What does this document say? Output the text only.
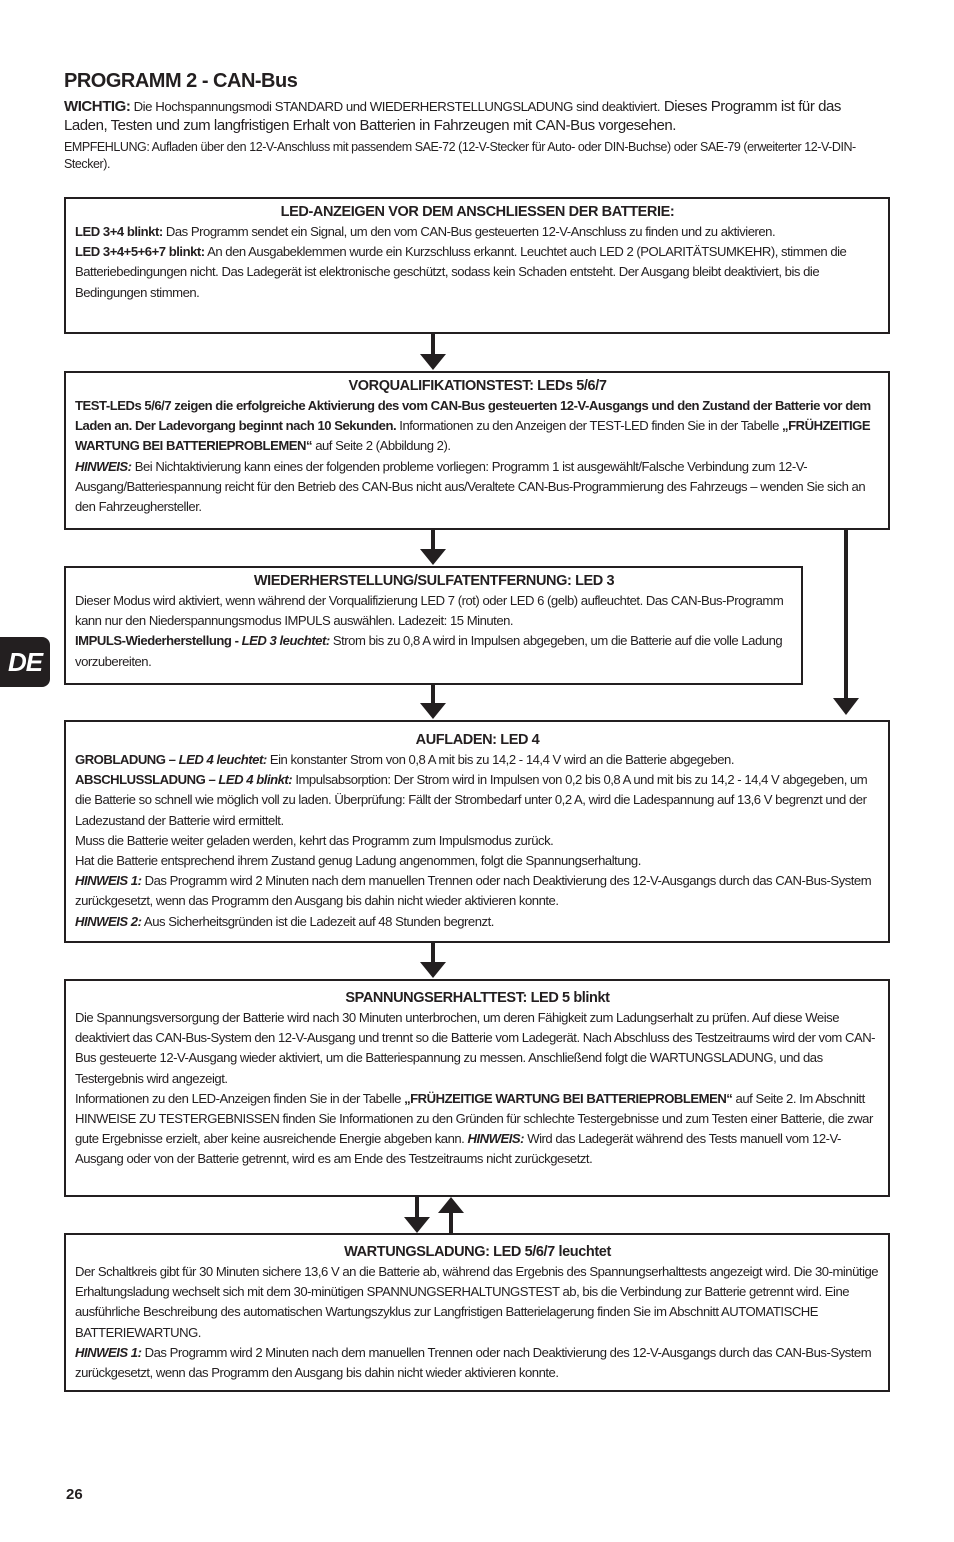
PROGRAMM 2 - CAN-Bus

WICHTIG: Die Hochspannungsmodi STANDARD und WIEDERHERSTELLUNGSLADUNG sind deaktiviert. Dieses Programm ist für das Laden, Testen und zum langfristigen Erhalt von Batterien in Fahrzeugen mit CAN-Bus vorgesehen.

EMPFEHLUNG: Aufladen über den 12-V-Anschluss mit passendem SAE-72 (12-V-Stecker für Auto- oder DIN-Buchse) oder SAE-79 (erweiterter 12-V-DIN-Stecker).

LED-ANZEIGEN VOR DEM ANSCHLIESSEN DER BATTERIE:

LED 3+4 blinkt: Das Programm sendet ein Signal, um den vom CAN-Bus gesteuerten 12-V-Anschluss zu finden und zu aktivieren.

LED 3+4+5+6+7 blinkt: An den Ausgabeklemmen wurde ein Kurzschluss erkannt. Leuchtet auch LED 2 (POLARITÄTSUMKEHR), stimmen die Batteriebedingungen nicht. Das Ladegerät ist elektronische geschützt, sodass kein Schaden entsteht. Der Ausgang bleibt deaktiviert, bis die Bedingungen stimmen.

VORQUALIFIKATIONSTEST: LEDs 5/6/7

TEST-LEDs 5/6/7 zeigen die erfolgreiche Aktivierung des vom CAN-Bus gesteuerten 12-V-Ausgangs und den Zustand der Batterie vor dem Laden an. Der Ladevorgang beginnt nach 10 Sekunden. Informationen zu den Anzeigen der TEST-LED finden Sie in der Tabelle „FRÜHZEITIGE WARTUNG BEI BATTERIEPROBLEMEN“ auf Seite 2 (Abbildung 2).

HINWEIS: Bei Nichtaktivierung kann eines der folgenden probleme vorliegen: Programm 1 ist ausgewählt/Falsche Verbindung zum 12-V-Ausgang/Batteriespannung reicht für den Betrieb des CAN-Bus nicht aus/Veraltete CAN-Bus-Programmierung des Fahrzeugs – wenden Sie sich an den Fahrzeughersteller.

WIEDERHERSTELLUNG/SULFATENTFERNUNG: LED 3

Dieser Modus wird aktiviert, wenn während der Vorqualifizierung LED 7 (rot) oder LED 6 (gelb) aufleuchtet. Das CAN-Bus-Programm kann nur den Niederspannungsmodus IMPULS auswählen. Ladezeit: 15 Minuten.

IMPULS-Wiederherstellung - LED 3 leuchtet: Strom bis zu 0,8 A wird in Impulsen abgegeben, um die Batterie auf die volle Ladung vorzubereiten.

AUFLADEN: LED 4

GROBLADUNG – LED 4 leuchtet: Ein konstanter Strom von 0,8 A mit bis zu 14,2 - 14,4 V wird an die Batterie abgegeben.

ABSCHLUSSLADUNG – LED 4 blinkt: Impulsabsorption: Der Strom wird in Impulsen von 0,2 bis 0,8 A und mit bis zu 14,2 - 14,4 V abgegeben, um die Batterie so schnell wie möglich voll zu laden. Überprüfung: Fällt der Strombedarf unter 0,2 A, wird die Ladespannung auf 13,6 V begrenzt und der Ladezustand der Batterie wird ermittelt.

Muss die Batterie weiter geladen werden, kehrt das Programm zum Impulsmodus zurück.

Hat die Batterie entsprechend ihrem Zustand genug Ladung angenommen, folgt die Spannungserhaltung.

HINWEIS 1: Das Programm wird 2 Minuten nach dem manuellen Trennen oder nach Deaktivierung des 12-V-Ausgangs durch das CAN-Bus-System zurückgesetzt, wenn das Programm den Ausgang bis dahin nicht wieder aktivieren konnte.

HINWEIS 2: Aus Sicherheitsgründen ist die Ladezeit auf 48 Stunden begrenzt.

SPANNUNGSERHALTTEST: LED 5 blinkt

Die Spannungsversorgung der Batterie wird nach 30 Minuten unterbrochen, um deren Fähigkeit zum Ladungserhalt zu prüfen. Auf diese Weise deaktiviert das CAN-Bus-System den 12-V-Ausgang und trennt so die Batterie vom Ladegerät. Nach Abschluss des Testzeitraums wird der vom CAN-Bus gesteuerte 12-V-Ausgang wieder aktiviert, um die Batteriespannung zu messen. Anschließend folgt die WARTUNGSLADUNG, und das Testergebnis wird angezeigt.

Informationen zu den LED-Anzeigen finden Sie in der Tabelle „FRÜHZEITIGE WARTUNG BEI BATTERIEPROBLEMEN“ auf Seite 2. Im Abschnitt HINWEISE ZU TESTERGEBNISSEN finden Sie Informationen zu den Gründen für schlechte Testergebnisse und zum Testen einer Batterie, die zwar gute Ergebnisse erzielt, aber keine ausreichende Energie abgeben kann. HINWEIS: Wird das Ladegerät während des Tests manuell vom 12-V-Ausgang oder von der Batterie getrennt, wird es am Ende des Testzeitraums nicht zurückgesetzt.

WARTUNGSLADUNG: LED 5/6/7 leuchtet

Der Schaltkreis gibt für 30 Minuten sichere 13,6 V an die Batterie ab, während das Ergebnis des Spannungserhalttests angezeigt wird. Die 30-minütige Erhaltungsladung wechselt sich mit dem 30-minütigen SPANNUNGSERHALTUNGSTEST ab, bis die Verbindung zur Batterie getrennt wird. Eine ausführliche Beschreibung des automatischen Wartungszyklus zur Langfristigen Batterielagerung finden Sie im Abschnitt AUTOMATISCHE BATTERIEWARTUNG.

HINWEIS 1: Das Programm wird 2 Minuten nach dem manuellen Trennen oder nach Deaktivierung des 12-V-Ausgangs durch das CAN-Bus-System zurückgesetzt, wenn das Programm den Ausgang bis dahin nicht wieder aktivieren konnte.

DE
26
